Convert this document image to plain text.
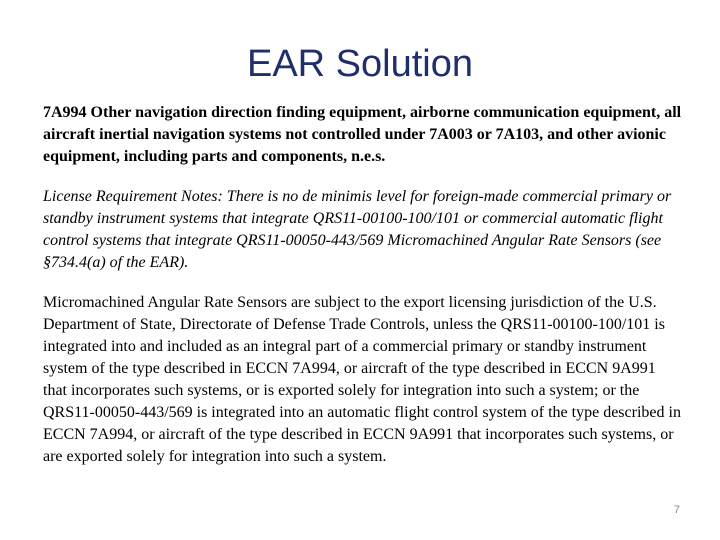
EAR Solution

7A994 Other navigation direction finding equipment, airborne communication equipment, all aircraft inertial navigation systems not controlled under 7A003 or 7A103, and other avionic equipment, including parts and components, n.e.s.

License Requirement Notes: There is no de minimis level for foreign-made commercial primary or standby instrument systems that integrate QRS11-00100-100/101 or commercial automatic flight control systems that integrate QRS11-00050-443/569 Micromachined Angular Rate Sensors (see §734.4(a) of the EAR).

Micromachined Angular Rate Sensors are subject to the export licensing jurisdiction of the U.S. Department of State, Directorate of Defense Trade Controls, unless the QRS11-00100-100/101 is integrated into and included as an integral part of a commercial primary or standby instrument system of the type described in ECCN 7A994, or aircraft of the type described in ECCN 9A991 that incorporates such systems, or is exported solely for integration into such a system; or the QRS11-00050-443/569 is integrated into an automatic flight control system of the type described in ECCN 7A994, or aircraft of the type described in ECCN 9A991 that incorporates such systems, or are exported solely for integration into such a system.

7
